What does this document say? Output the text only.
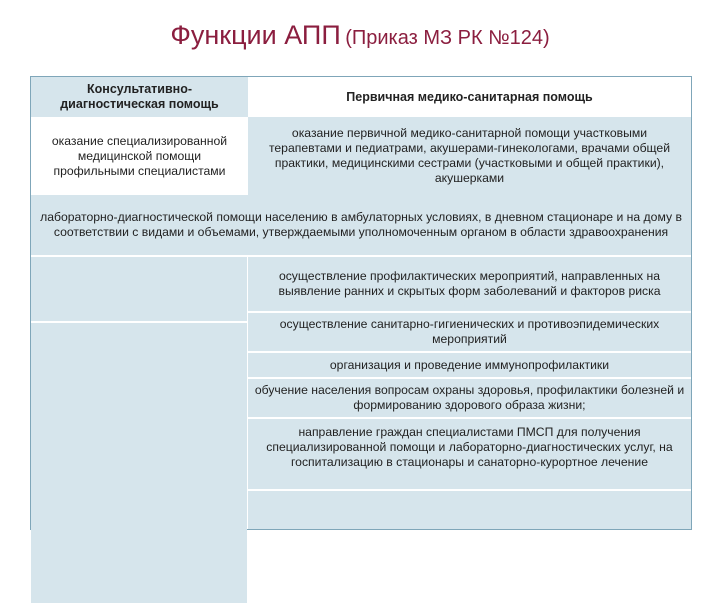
Функции АПП (Приказ МЗ РК №124)
Консультативно-диагностическая помощь
Первичная медико-санитарная помощь
оказание специализированной медицинской помощи профильными специалистами
оказание первичной медико-санитарной помощи участковыми терапевтами и педиатрами, акушерами-гинекологами, врачами общей практики, медицинскими сестрами (участковыми и общей практики), акушерками
лабораторно-диагностической помощи населению в амбулаторных условиях, в дневном стационаре и на дому в соответствии с видами и объемами, утверждаемыми уполномоченным органом в области здравоохранения
осуществление профилактических мероприятий, направленных на выявление ранних и скрытых форм заболеваний и факторов риска
осуществление санитарно-гигиенических и противоэпидемических мероприятий
организация и проведение иммунопрофилактики
обучение населения вопросам охраны здоровья, профилактики болезней и формированию здорового образа жизни;
направление граждан специалистами ПМСП для получения специализированной помощи и лабораторно-диагностических услуг, на госпитализацию в стационары и санаторно-курортное лечение
